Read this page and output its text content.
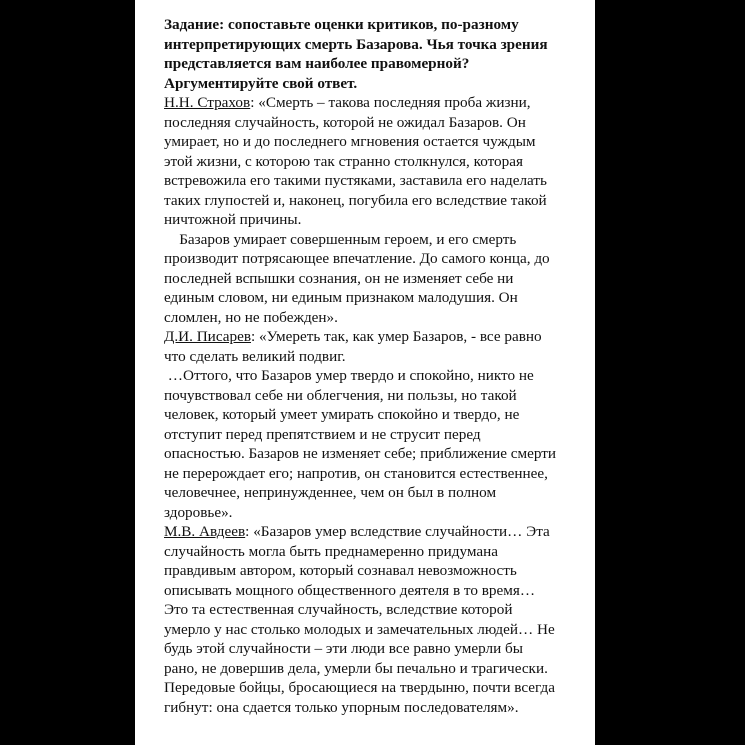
Задание: сопоставьте оценки критиков, по-разному
интерпретирующих смерть Базарова. Чья точка зрения
представляется вам наиболее правомерной?
Аргументируйте свой ответ.
Н.Н. Страхов: «Смерть – такова последняя проба жизни,
последняя случайность, которой не ожидал Базаров. Он
умирает, но и до последнего мгновения остается чуждым
этой жизни, с которою так странно столкнулся, которая
встревожила его такими пустяками, заставила его наделать
таких глупостей и, наконец, погубила его вследствие такой
ничтожной причины.
Базаров умирает совершенным героем, и его смерть
производит потрясающее впечатление. До самого конца, до
последней вспышки сознания, он не изменяет себе ни
единым словом, ни единым признаком малодушия. Он
сломлен, но не побежден».
Д.И. Писарев: «Умереть так, как умер Базаров, - все равно
что сделать великий подвиг.
…Оттого, что Базаров умер твердо и спокойно, никто не
почувствовал себе ни облегчения, ни пользы, но такой
человек, который умеет умирать спокойно и твердо, не
отступит перед препятствием и не струсит перед
опасностью. Базаров не изменяет себе; приближение смерти
не перерождает его; напротив, он становится естественнее,
человечнее, непринужденнее, чем он был в полном
здоровье».
М.В. Авдеев: «Базаров умер вследствие случайности… Эта
случайность могла быть преднамеренно придумана
правдивым автором, который сознавал невозможность
описывать мощного общественного деятеля в то время…
Это та естественная случайность, вследствие которой
умерло у нас столько молодых и замечательных людей… Не
будь этой случайности – эти люди все равно умерли бы
рано, не довершив дела, умерли бы печально и трагически.
Передовые бойцы, бросающиеся на твердыню, почти всегда
гибнут: она сдается только упорным последователям».
